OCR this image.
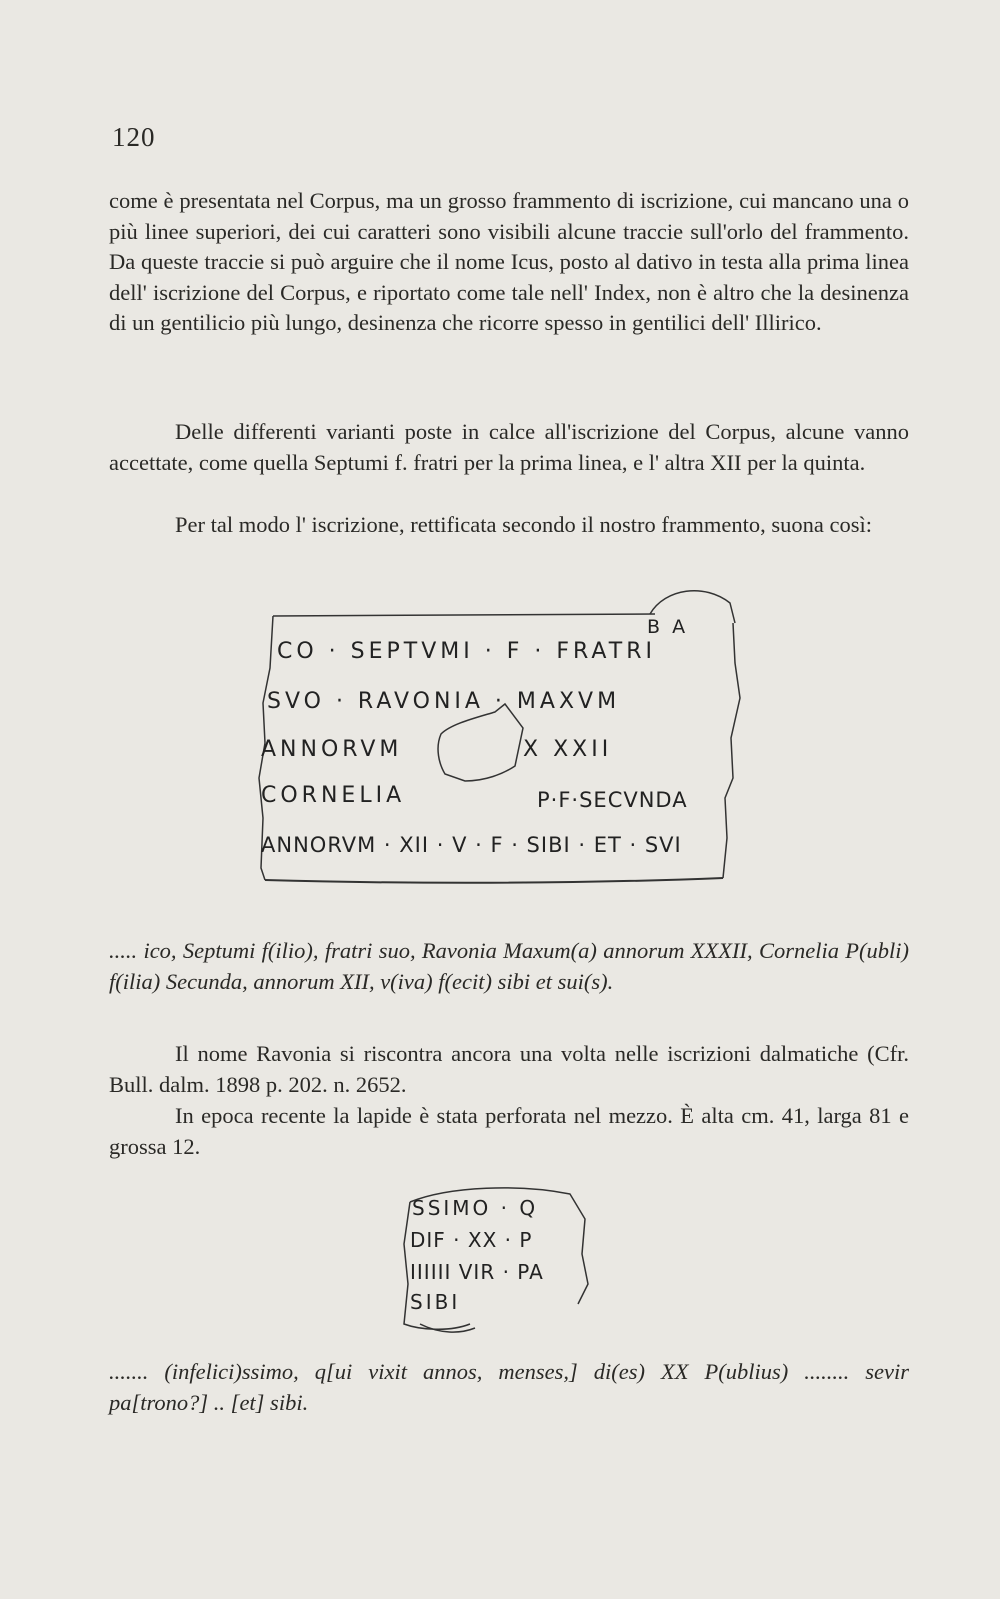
120

come è presentata nel Corpus, ma un grosso frammento di iscrizione, cui mancano una o più linee superiori, dei cui caratteri sono visibili alcune traccie sull'orlo del frammento. Da queste traccie si può arguire che il nome Icus, posto al dativo in testa alla prima linea dell' iscrizione del Corpus, e riportato come tale nell' Index, non è altro che la desinenza di un gentilicio più lungo, desinenza che ricorre spesso in gentilici dell' Illirico.

Delle differenti varianti poste in calce all'iscrizione del Corpus, alcune vanno accettate, come quella Septumi f. fratri per la prima linea, e l' altra XII per la quinta.

Per tal modo l' iscrizione, rettificata secondo il nostro frammento, suona così:

B A
CO · SEPTVMI · F · FRATRI
SVO · RAVONIA · MAXVM
ANNORVM	X XXII
CORNELIA	P·F·SECVNDA
ANNORVM · XII · V · F · SIBI · ET · SVI

..... ico, Septumi f(ilio), fratri suo, Ravonia Maxum(a) annorum XXXII, Cornelia P(ubli) f(ilia) Secunda, annorum XII, v(iva) f(ecit) sibi et sui(s).

Il nome Ravonia si riscontra ancora una volta nelle iscrizioni dalmatiche (Cfr. Bull. dalm. 1898 p. 202. n. 2652.

In epoca recente la lapide è stata perforata nel mezzo. È alta cm. 41, larga 81 e grossa 12.

SSIMO · Q
DIF · XX · P
IIIIII VIR · PA
SIBI

....... (infelici)ssimo, q[ui vixit annos, menses,] di(es) XX P(ublius) ........ sevir pa[trono?] .. [et] sibi.
